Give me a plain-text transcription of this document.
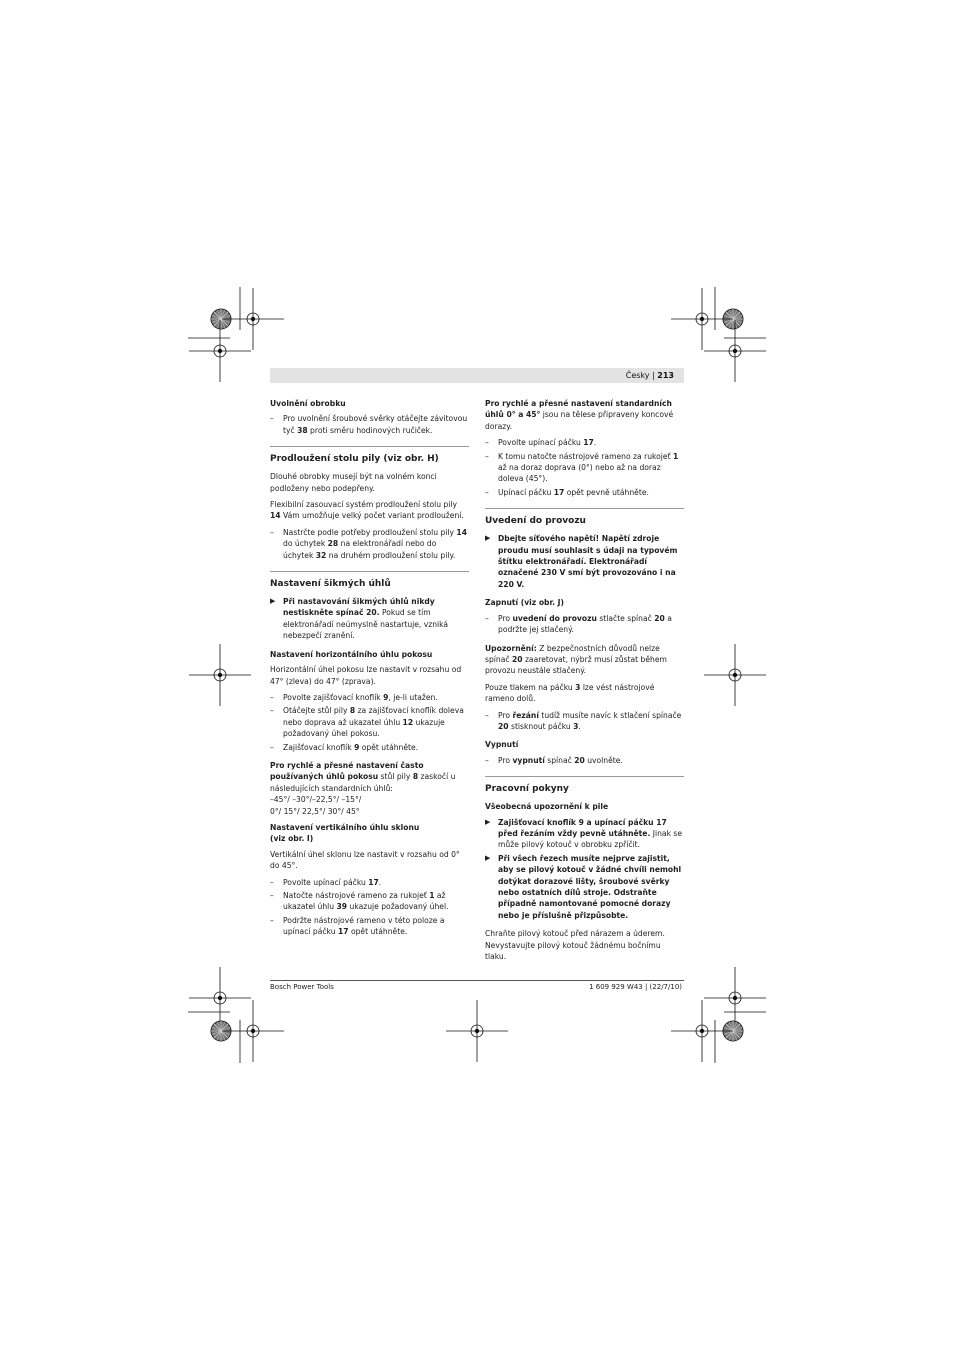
Česky | 213
Uvolnění obrobku
– Pro uvolnění šroubové svěrky otáčejte závitovou tyč 38 proti směru hodinových ručiček.
Prodloužení stolu pily (viz obr. H)

Dlouhé obrobky musejí být na volném konci podloženy nebo podepřeny.

Flexibilní zasouvací systém prodloužení stolu pily 14 Vám umožňuje velký počet variant prodloužení.

– Nastrčte podle potřeby prodloužení stolu pily 14 do úchytek 28 na elektronářadí nebo do úchytek 32 na druhém prodloužení stolu pily.
Nastavení šikmých úhlů
▶ Při nastavování šikmých úhlů nikdy nestiskněte spínač 20. Pokud se tím elektronářadí neúmyslně nastartuje, vzniká nebezpečí zranění.
Nastavení horizontálního úhlu pokosu

Horizontální úhel pokosu lze nastavit v rozsahu od 47° (zleva) do 47° (zprava).

– Povolte zajišťovací knoflík 9, je-li utažen.
– Otáčejte stůl pily 8 za zajišťovací knoflík doleva nebo doprava až ukazatel úhlu 12 ukazuje požadovaný úhel pokosu.
– Zajišťovací knoflík 9 opět utáhněte.

Pro rychlé a přesné nastavení často používaných úhlů pokosu stůl pily 8 zaskočí u následujících standardních úhlů:
–45°/ –30°/–22,5°/ –15°/
0°/ 15°/ 22,5°/ 30°/ 45°

Nastavení vertikálního úhlu sklonu
(viz obr. I)

Vertikální úhel sklonu lze nastavit v rozsahu od 0° do 45°.

– Povolte upínací páčku 17.
– Natočte nástrojové rameno za rukojeť 1 až ukazatel úhlu 39 ukazuje požadovaný úhel.
– Podržte nástrojové rameno v této poloze a upínací páčku 17 opět utáhněte.

Pro rychlé a přesné nastavení standardních úhlů 0° a 45° jsou na tělese připraveny koncové dorazy.

– Povolte upínací páčku 17.
– K tomu natočte nástrojové rameno za rukojeť 1 až na doraz doprava (0°) nebo až na doraz doleva (45°).
– Upínací páčku 17 opět pevně utáhněte.
Uvedení do provozu
▶ Dbejte síťového napětí! Napětí zdroje proudu musí souhlasit s údaji na typovém štítku elektronářadí. Elektronářadí označené 230 V smí být provozováno i na 220 V.
Zapnutí (viz obr. J)
– Pro uvedení do provozu stlačte spínač 20 a podržte jej stlačený.

Upozornění: Z bezpečnostních důvodů nelze spínač 20 zaaretovat, nýbrž musí zůstat během provozu neustále stlačený.

Pouze tlakem na páčku 3 lze vést nástrojové rameno dolů.

– Pro řezání tudíž musíte navíc k stlačení spínače 20 stisknout páčku 3.
Vypnutí
– Pro vypnutí spínač 20 uvolněte.
Pracovní pokyny
Všeobecná upozornění k pile
▶ Zajišťovací knoflík 9 a upínací páčku 17 před řezáním vždy pevně utáhněte. Jinak se může pilový kotouč v obrobku zpříčit.
▶ Při všech řezech musíte nejprve zajistit, aby se pilový kotouč v žádné chvíli nemohl dotýkat dorazové lišty, šroubové svěrky nebo ostatních dílů stroje. Odstraňte případně namontované pomocné dorazy nebo je příslušně přizpůsobte.

Chraňte pilový kotouč před nárazem a úderem. Nevystavujte pilový kotouč žádnému bočnímu tlaku.

Bosch Power Tools	1 609 929 W43 | (22/7/10)
